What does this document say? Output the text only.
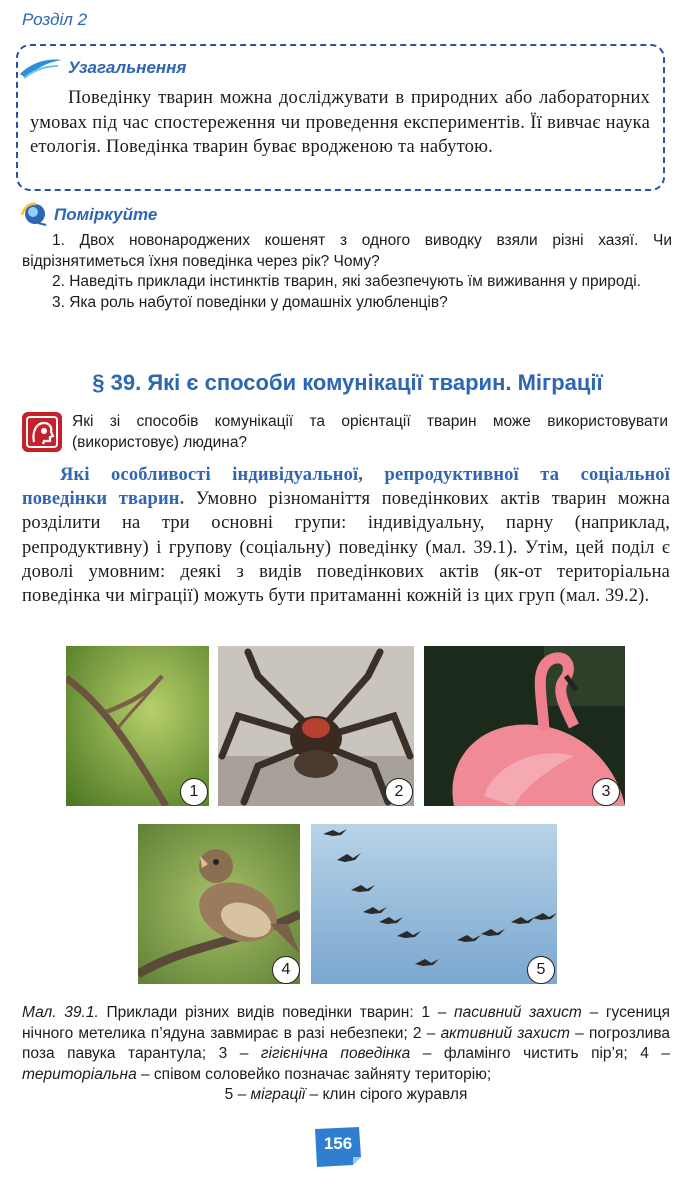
Розділ 2
Узагальнення
Поведінку тварин можна досліджувати в природних або лабораторних умовах під час спостереження чи проведення експериментів. Її вивчає наука етологія. Поведінка тварин буває вродженою та набутою.
Поміркуйте

1. Двох новонароджених кошенят з одного виводку взяли різні хазяї. Чи відрізнятиметься їхня поведінка через рік? Чому?

2. Наведіть приклади інстинктів тварин, які забезпечують їм виживання у природі.

3. Яка роль набутої поведінки у домашніх улюбленців?

§ 39. Які є способи комунікації тварин. Міграції
Які зі способів комунікації та орієнтації тварин може використовувати (використовує) людина?
Які особливості індивідуальної, репродуктивної та соціальної поведінки тварин. Умовно різноманіття поведінкових актів тварин можна розділити на три основні групи: індивідуальну, парну (наприклад, репродуктивну) і групову (соціальну) поведінку (мал. 39.1). Утім, цей поділ є доволі умовним: деякі з видів поведінкових актів (як-от територіальна поведінка чи міграції) можуть бути притаманні кожній із цих груп (мал. 39.2).
1	2	3
4	5
Мал. 39.1. Приклади різних видів поведінки тварин: 1 – пасивний захист – гусениця нічного метелика п’ядуна завмирає в разі небезпеки; 2 – активний захист – погрозлива поза павука тарантула; 3 – гігієнічна поведінка – фламінго чистить пір’я; 4 – територіальна – співом соловейко позначає зайняту територію;
5 – міграції – клин сірого журавля
156
